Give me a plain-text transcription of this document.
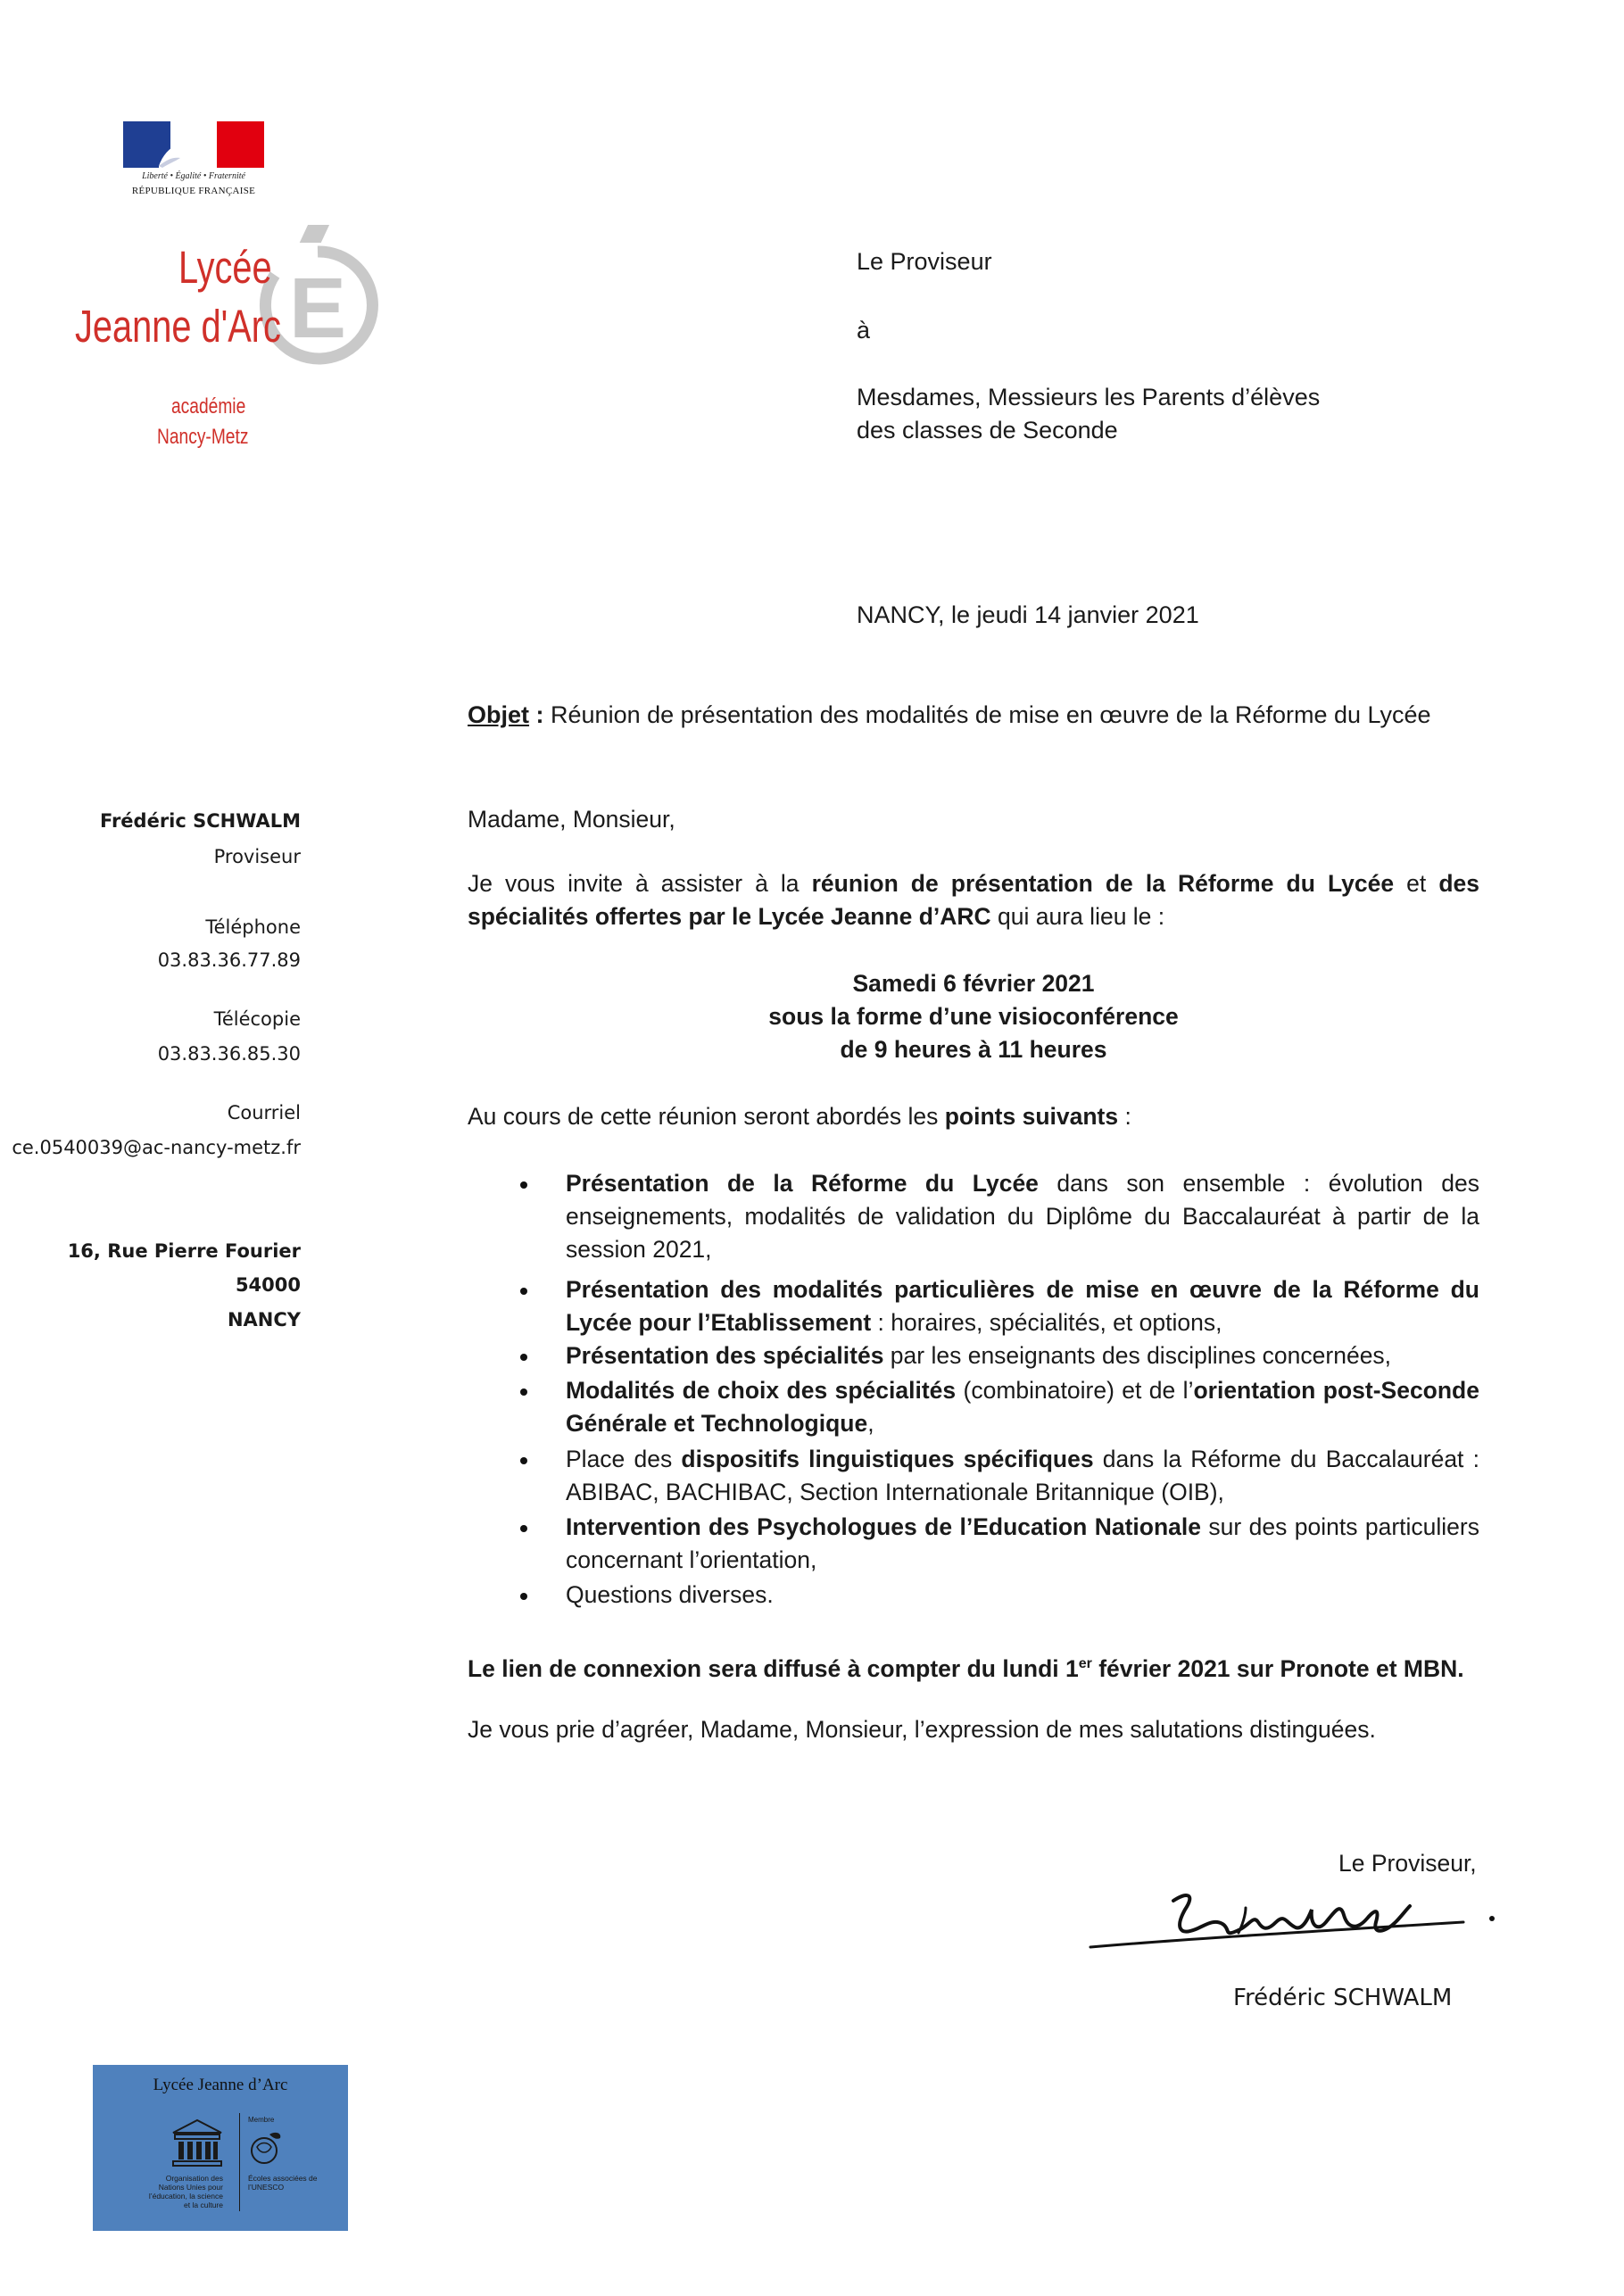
Liberté • Égalité • Fraternité
RÉPUBLIQUE FRANÇAISE
E
Lycée
Jeanne d'Arc
académie
Nancy-Metz
Le Proviseur
à
Mesdames, Messieurs les Parents d’élèves
des classes de Seconde
NANCY, le jeudi 14 janvier 2021
Objet : Réunion de présentation des modalités de mise en œuvre de la Réforme du Lycée
Frédéric SCHWALM
Proviseur
Téléphone
03.83.36.77.89
Télécopie
03.83.36.85.30
Courriel
ce.0540039@ac-nancy-metz.fr
16, Rue Pierre Fourier
54000
NANCY
Madame, Monsieur,
Je vous invite à assister à la réunion de présentation de la Réforme du Lycée et des spécialités offertes par le Lycée Jeanne d’ARC qui aura lieu le :
Samedi 6 février 2021
sous la forme d’une visioconférence
de 9 heures à 11 heures
Au cours de cette réunion seront abordés les points suivants :
Présentation de la Réforme du Lycée dans son ensemble : évolution des enseignements, modalités de validation du Diplôme du Baccalauréat à partir de la session 2021,
Présentation des modalités particulières de mise en œuvre de la Réforme du Lycée pour l’Etablissement : horaires, spécialités, et options,
Présentation des spécialités par les enseignants des disciplines concernées,
Modalités de choix des spécialités (combinatoire) et de l’orientation post-Seconde Générale et Technologique,
Place des dispositifs linguistiques spécifiques dans la Réforme du Baccalauréat : ABIBAC, BACHIBAC, Section Internationale Britannique (OIB),
Intervention des Psychologues de l’Education Nationale sur des points particuliers concernant l’orientation,
Questions diverses.
Le lien de connexion sera diffusé à compter du lundi 1er février 2021 sur Pronote et MBN.
Je vous prie d’agréer, Madame, Monsieur, l’expression de mes salutations distinguées.
Le Proviseur,
Frédéric SCHWALM
Lycée Jeanne d’Arc
Membre
Organisation des Nations Unies pour l’éducation, la science et la culture
Écoles associées de l’UNESCO
